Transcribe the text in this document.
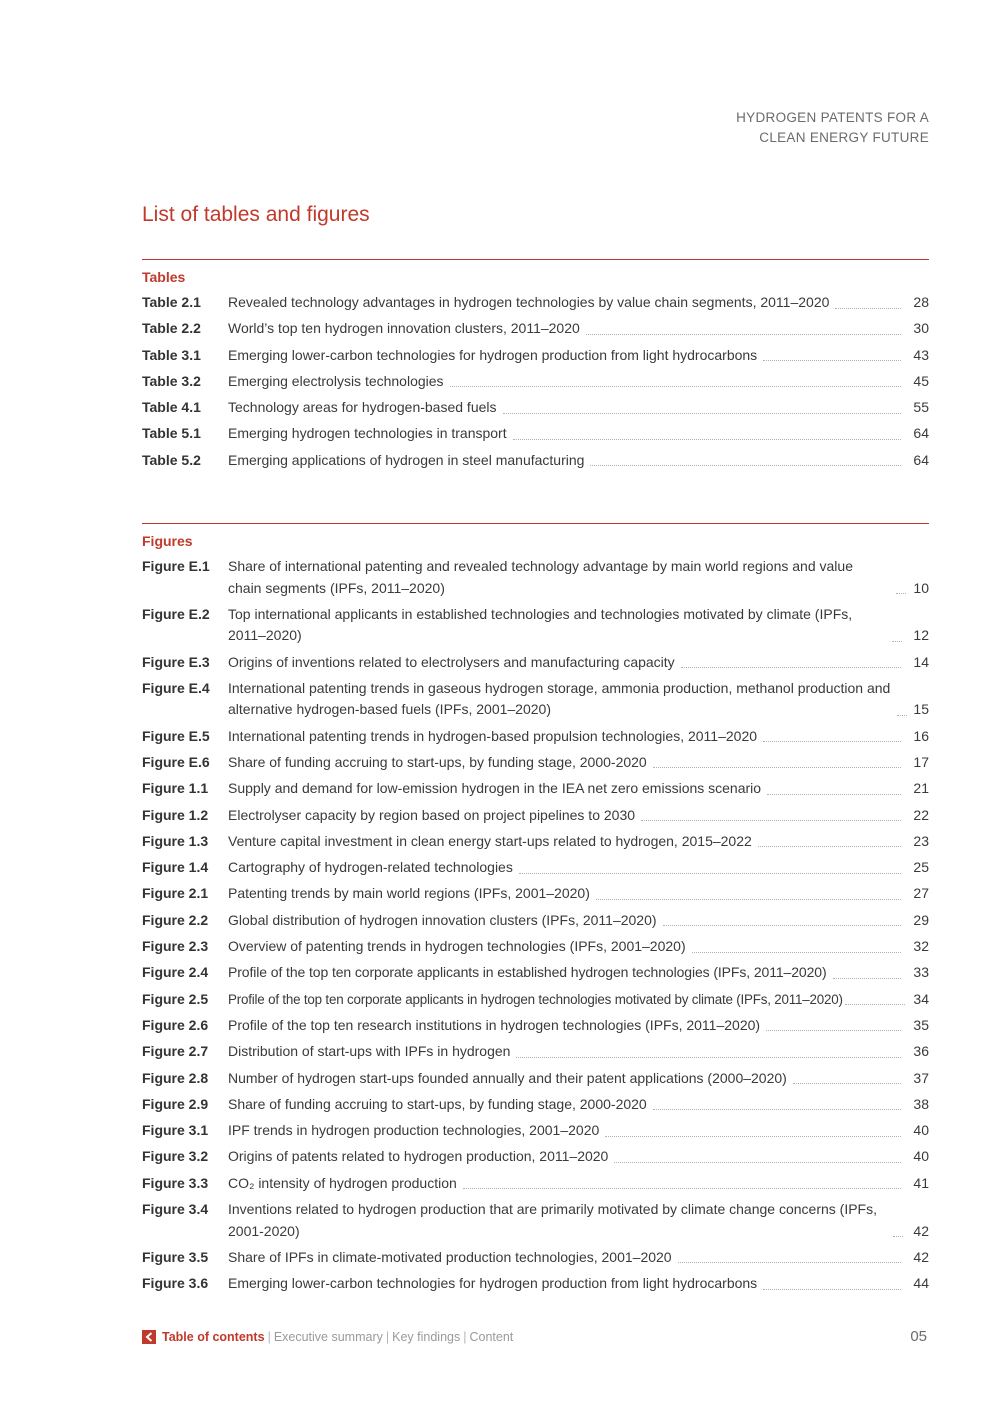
HYDROGEN PATENTS FOR A
CLEAN ENERGY FUTURE
List of tables and figures
Tables
Table 2.1	Revealed technology advantages in hydrogen technologies by value chain segments, 2011–2020	28
Table 2.2	World’s top ten hydrogen innovation clusters, 2011–2020	30
Table 3.1	Emerging lower-carbon technologies for hydrogen production from light hydrocarbons	43
Table 3.2	Emerging electrolysis technologies	45
Table 4.1	Technology areas for hydrogen-based fuels	55
Table 5.1	Emerging hydrogen technologies in transport	64
Table 5.2	Emerging applications of hydrogen in steel manufacturing	64
Figures
Figure E.1	Share of international patenting and revealed technology advantage by main world regions and value chain segments (IPFs, 2011–2020)	10
Figure E.2	Top international applicants in established technologies and technologies motivated by climate (IPFs, 2011–2020)	12
Figure E.3	Origins of inventions related to electrolysers and manufacturing capacity	14
Figure E.4	International patenting trends in gaseous hydrogen storage, ammonia production, methanol production and alternative hydrogen-based fuels (IPFs, 2001–2020)	15
Figure E.5	International patenting trends in hydrogen-based propulsion technologies, 2011–2020	16
Figure E.6	Share of funding accruing to start-ups, by funding stage, 2000-2020	17
Figure 1.1	Supply and demand for low-emission hydrogen in the IEA net zero emissions scenario	21
Figure 1.2	Electrolyser capacity by region based on project pipelines to 2030	22
Figure 1.3	Venture capital investment in clean energy start-ups related to hydrogen, 2015–2022	23
Figure 1.4	Cartography of hydrogen-related technologies	25
Figure 2.1	Patenting trends by main world regions (IPFs, 2001–2020)	27
Figure 2.2	Global distribution of hydrogen innovation clusters (IPFs, 2011–2020)	29
Figure 2.3	Overview of patenting trends in hydrogen technologies (IPFs, 2001–2020)	32
Figure 2.4	Profile of the top ten corporate applicants in established hydrogen technologies (IPFs, 2011–2020)	33
Figure 2.5	Profile of the top ten corporate applicants in hydrogen technologies motivated by climate (IPFs, 2011–2020)	34
Figure 2.6	Profile of the top ten research institutions in hydrogen technologies (IPFs, 2011–2020)	35
Figure 2.7	Distribution of start-ups with IPFs in hydrogen	36
Figure 2.8	Number of hydrogen start-ups founded annually and their patent applications (2000–2020)	37
Figure 2.9	Share of funding accruing to start-ups, by funding stage, 2000-2020	38
Figure 3.1	IPF trends in hydrogen production technologies, 2001–2020	40
Figure 3.2	Origins of patents related to hydrogen production, 2011–2020	40
Figure 3.3	CO₂ intensity of hydrogen production	41
Figure 3.4	Inventions related to hydrogen production that are primarily motivated by climate change concerns (IPFs, 2001-2020)	42
Figure 3.5	Share of IPFs in climate-motivated production technologies, 2001–2020	42
Figure 3.6	Emerging lower-carbon technologies for hydrogen production from light hydrocarbons	44
Table of contents | Executive summary | Key findings | Content	05
